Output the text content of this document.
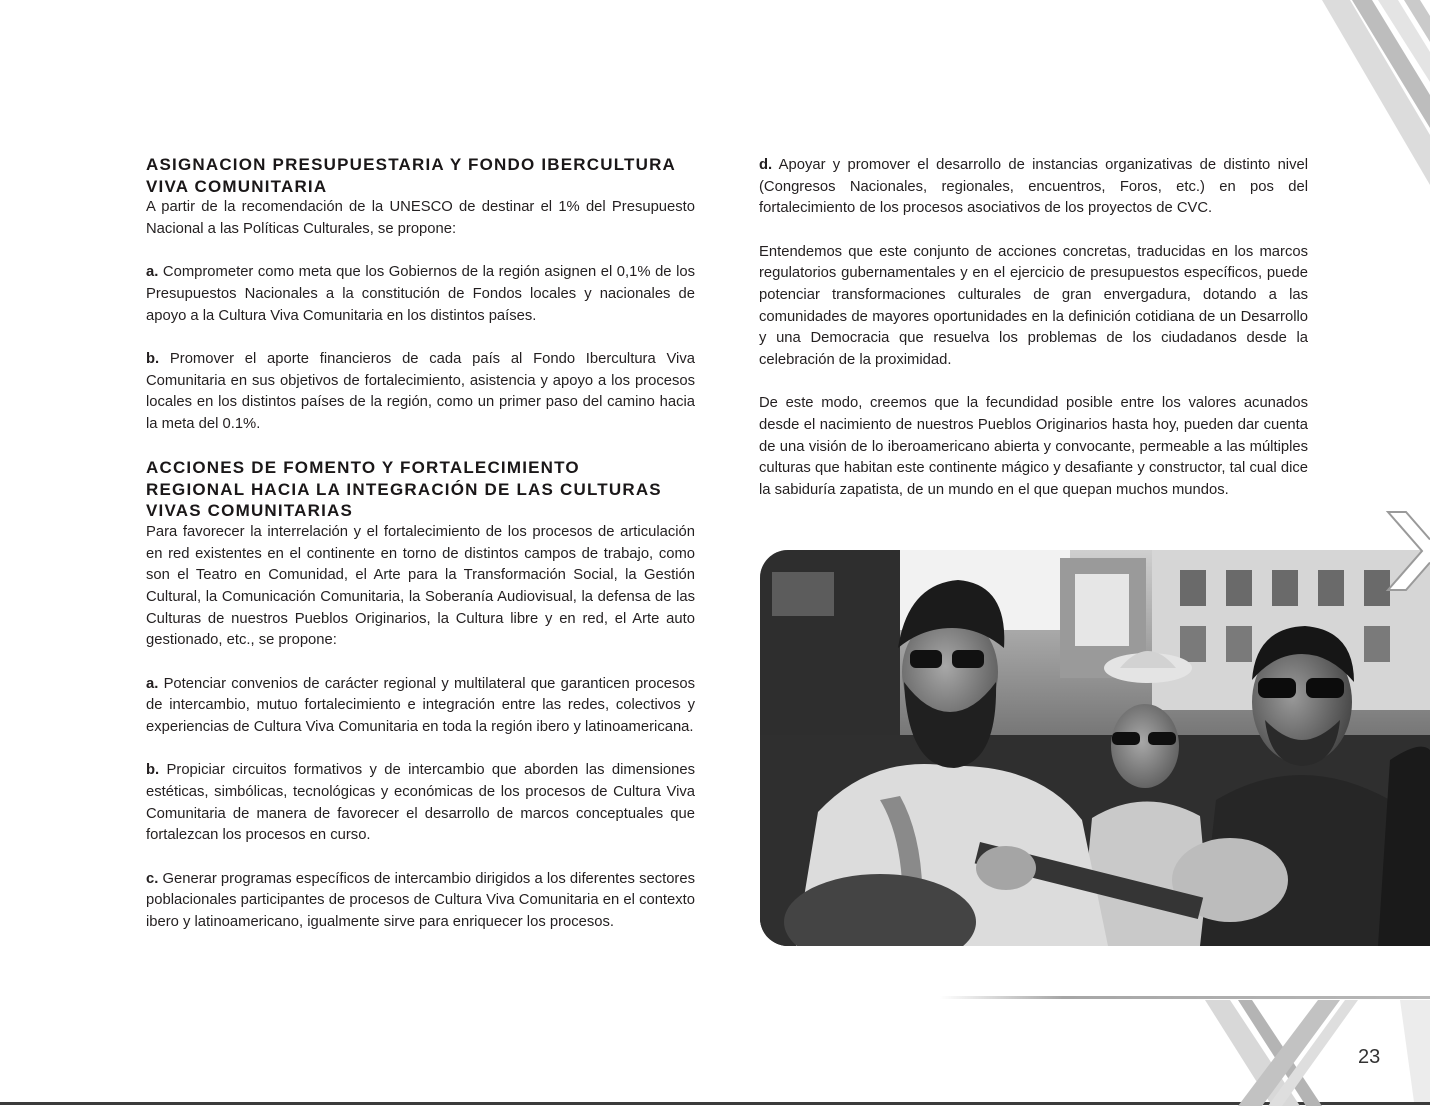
ASIGNACION PRESUPUESTARIA Y FONDO IBERCULTURA
VIVA COMUNITARIA

A partir de la recomendación de la UNESCO de destinar el 1% del Presupuesto Nacional a las Políticas Culturales, se propone:

a. Comprometer como meta que los Gobiernos de la región asignen el 0,1% de los Presupuestos Nacionales a la constitución de Fondos locales y nacionales de apoyo a la Cultura Viva Comunitaria en los distintos países.

b. Promover el aporte financieros de cada país al Fondo Ibercultura Viva Comunitaria en sus objetivos de fortalecimiento, asistencia y apoyo a los procesos locales en los distintos países de la región, como un primer paso del camino hacia la meta del 0.1%.

ACCIONES DE FOMENTO Y FORTALECIMIENTO
REGIONAL HACIA LA INTEGRACIÓN DE LAS CULTURAS
VIVAS COMUNITARIAS

Para favorecer la interrelación y el fortalecimiento de los procesos de articulación en red existentes en el continente en torno de distintos campos de trabajo, como son el Teatro en Comunidad, el Arte para la Transformación Social, la Gestión Cultural, la Comunicación Comunitaria, la Soberanía Audiovisual, la defensa de las Culturas de nuestros Pueblos Originarios, la Cultura libre y en red, el Arte auto gestionado, etc., se propone:

a. Potenciar convenios de carácter regional y multilateral que garanticen procesos de intercambio, mutuo fortalecimiento e integración entre las redes, colectivos y experiencias de Cultura Viva Comunitaria en toda la región ibero y latinoamericana.

b. Propiciar circuitos formativos y de intercambio que aborden las dimensiones estéticas, simbólicas, tecnológicas y económicas de los procesos de Cultura Viva Comunitaria de manera de favorecer el desarrollo de marcos conceptuales que fortalezcan los procesos en curso.

c. Generar programas específicos de intercambio dirigidos a los diferentes sectores poblacionales participantes de procesos de Cultura Viva Comunitaria en el contexto ibero y latinoamericano, igualmente sirve para enriquecer los procesos.

d. Apoyar y promover el desarrollo de instancias organizativas de distinto nivel (Congresos Nacionales, regionales, encuentros, Foros, etc.) en pos del fortalecimiento de los procesos asociativos de los proyectos de CVC.

Entendemos que este conjunto de acciones concretas, traducidas en los marcos regulatorios gubernamentales y en el ejercicio de presupuestos específicos, puede potenciar transformaciones culturales de gran envergadura, dotando a las comunidades de mayores oportunidades en la definición cotidiana de un Desarrollo y una Democracia que resuelva los problemas de los ciudadanos desde la celebración de la proximidad.

De este modo, creemos que la fecundidad posible entre los valores acunados desde el nacimiento de nuestros Pueblos Originarios hasta hoy, pueden dar cuenta de una visión de lo iberoamericano abierta y convocante, permeable a las múltiples culturas que habitan este continente mágico y desafiante y constructor, tal cual dice la sabiduría zapatista, de un mundo en el que quepan muchos mundos.

23
